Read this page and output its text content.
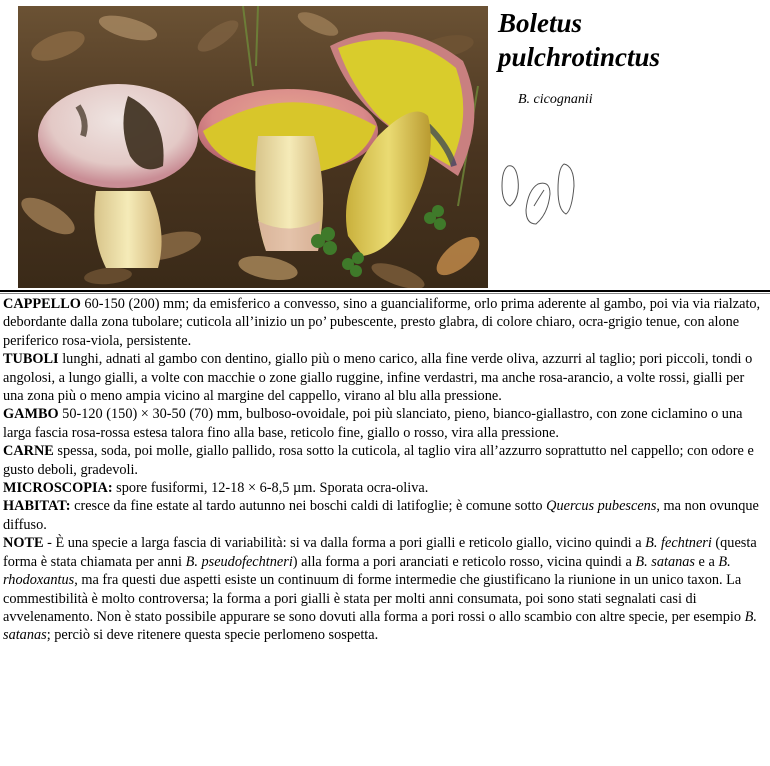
Boletus
pulchrotinctus
B. cicognanii

CAPPELLO 60-150 (200) mm; da emisferico a convesso, sino a guancialiforme, orlo prima aderente al gambo, poi via via rialzato, debordante dalla zona tubolare; cuticola all’inizio un po’ pubescente, presto glabra, di colore chiaro, ocra-grigio tenue, con alone periferico rosa-viola, persistente.

TUBOLI lunghi, adnati al gambo con dentino, giallo più o meno carico, alla fine verde oliva, azzurri al taglio; pori piccoli, tondi o angolosi, a lungo gialli, a volte con macchie o zone giallo ruggine, infine verdastri, ma anche rosa-arancio, a volte rossi, gialli per una zona più o meno ampia vicino al margine del cappello, virano al blu alla pressione.

GAMBO 50-120 (150) × 30-50 (70) mm, bulboso-ovoidale, poi più slanciato, pieno, bianco-giallastro, con zone ciclamino o una larga fascia rosa-rossa estesa talora fino alla base, reticolo fine, giallo o rosso, vira alla pressione.

CARNE spessa, soda, poi molle, giallo pallido, rosa sotto la cuticola, al taglio vira all’azzurro soprattutto nel cappello; con odore e gusto deboli, gradevoli.

MICROSCOPIA: spore fusiformi, 12-18 × 6-8,5 µm. Sporata ocra-oliva.

HABITAT: cresce da fine estate al tardo autunno nei boschi caldi di latifoglie; è comune sotto Quercus pubescens, ma non ovunque diffuso.

NOTE - È una specie a larga fascia di variabilità: si va dalla forma a pori gialli e reticolo giallo, vicino quindi a B. fechtneri (questa forma è stata chiamata per anni B. pseudofechtneri) alla forma a pori aranciati e reticolo rosso, vicina quindi a B. satanas e a B. rhodoxantus, ma fra questi due aspetti esiste un continuum di forme intermedie che giustificano la riunione in un unico taxon. La commestibilità è molto controversa; la forma a pori gialli è stata per molti anni consumata, poi sono stati segnalati casi di avvelenamento. Non è stato possibile appurare se sono dovuti alla forma a pori rossi o allo scambio con altre specie, per esempio B. satanas; perciò si deve ritenere questa specie perlomeno sospetta.
